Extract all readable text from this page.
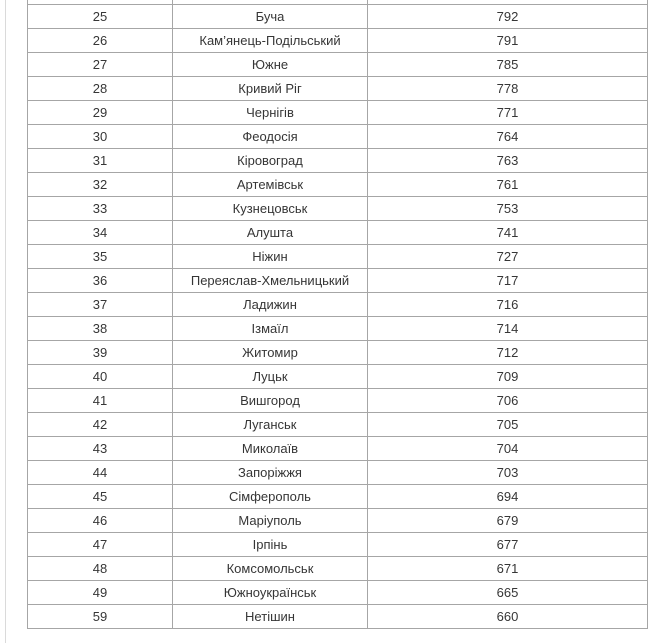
25	Буча	792
26	Кам’янець-Подільський	791
27	Южне	785
28	Кривий Ріг	778
29	Чернігів	771
30	Феодосія	764
31	Кіровоград	763
32	Артемівськ	761
33	Кузнецовськ	753
34	Алушта	741
35	Ніжин	727
36	Переяслав-Хмельницький	717
37	Ладижин	716
38	Ізмаїл	714
39	Житомир	712
40	Луцьк	709
41	Вишгород	706
42	Луганськ	705
43	Миколаїв	704
44	Запоріжжя	703
45	Сімферополь	694
46	Маріуполь	679
47	Ірпінь	677
48	Комсомольськ	671
49	Южноукраїнськ	665
59	Нетішин	660
